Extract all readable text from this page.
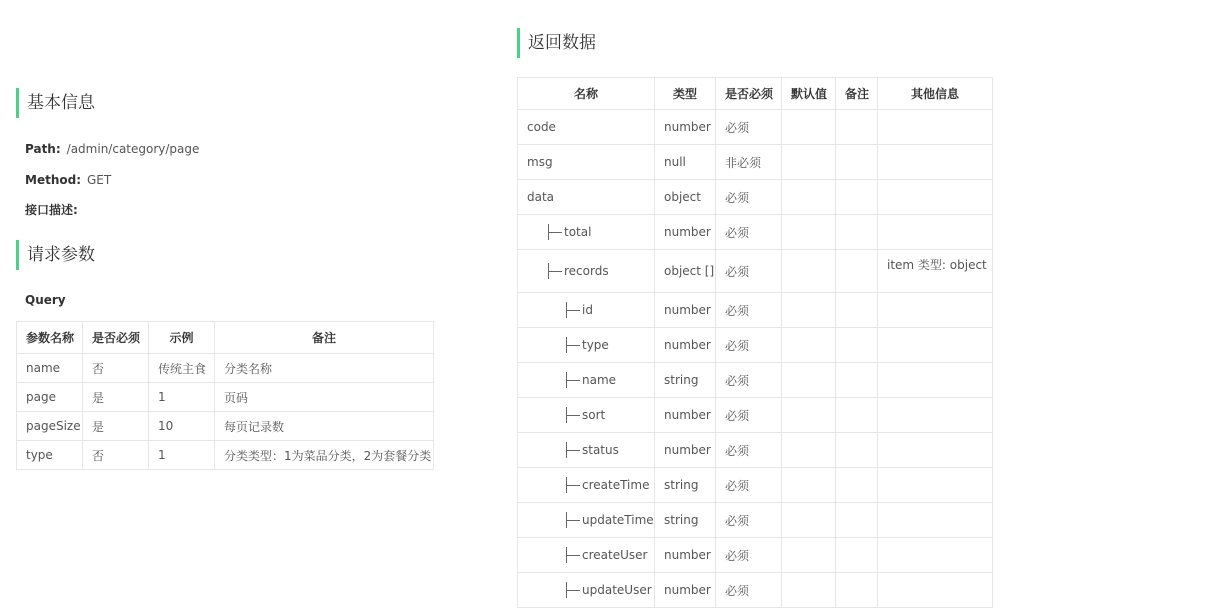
基本信息
Path: /admin/category/page
Method: GET
接口描述:
请求参数
Query
参数名称	是否必须	示例	备注
name	否	传统主食	分类名称
page	是	1	页码
pageSize	是	10	每页记录数
type	否	1	分类类型：1为菜品分类，2为套餐分类
返回数据
名称	类型	是否必须	默认值	备注	其他信息
code	number	必须			
msg	null	非必须			
data	object	必须			
total	number	必须			
records	object []	必须			item 类型: object
id	number	必须			
type	number	必须			
name	string	必须			
sort	number	必须			
status	number	必须			
createTime	string	必须			
updateTime	string	必须			
createUser	number	必须			
updateUser	number	必须			
